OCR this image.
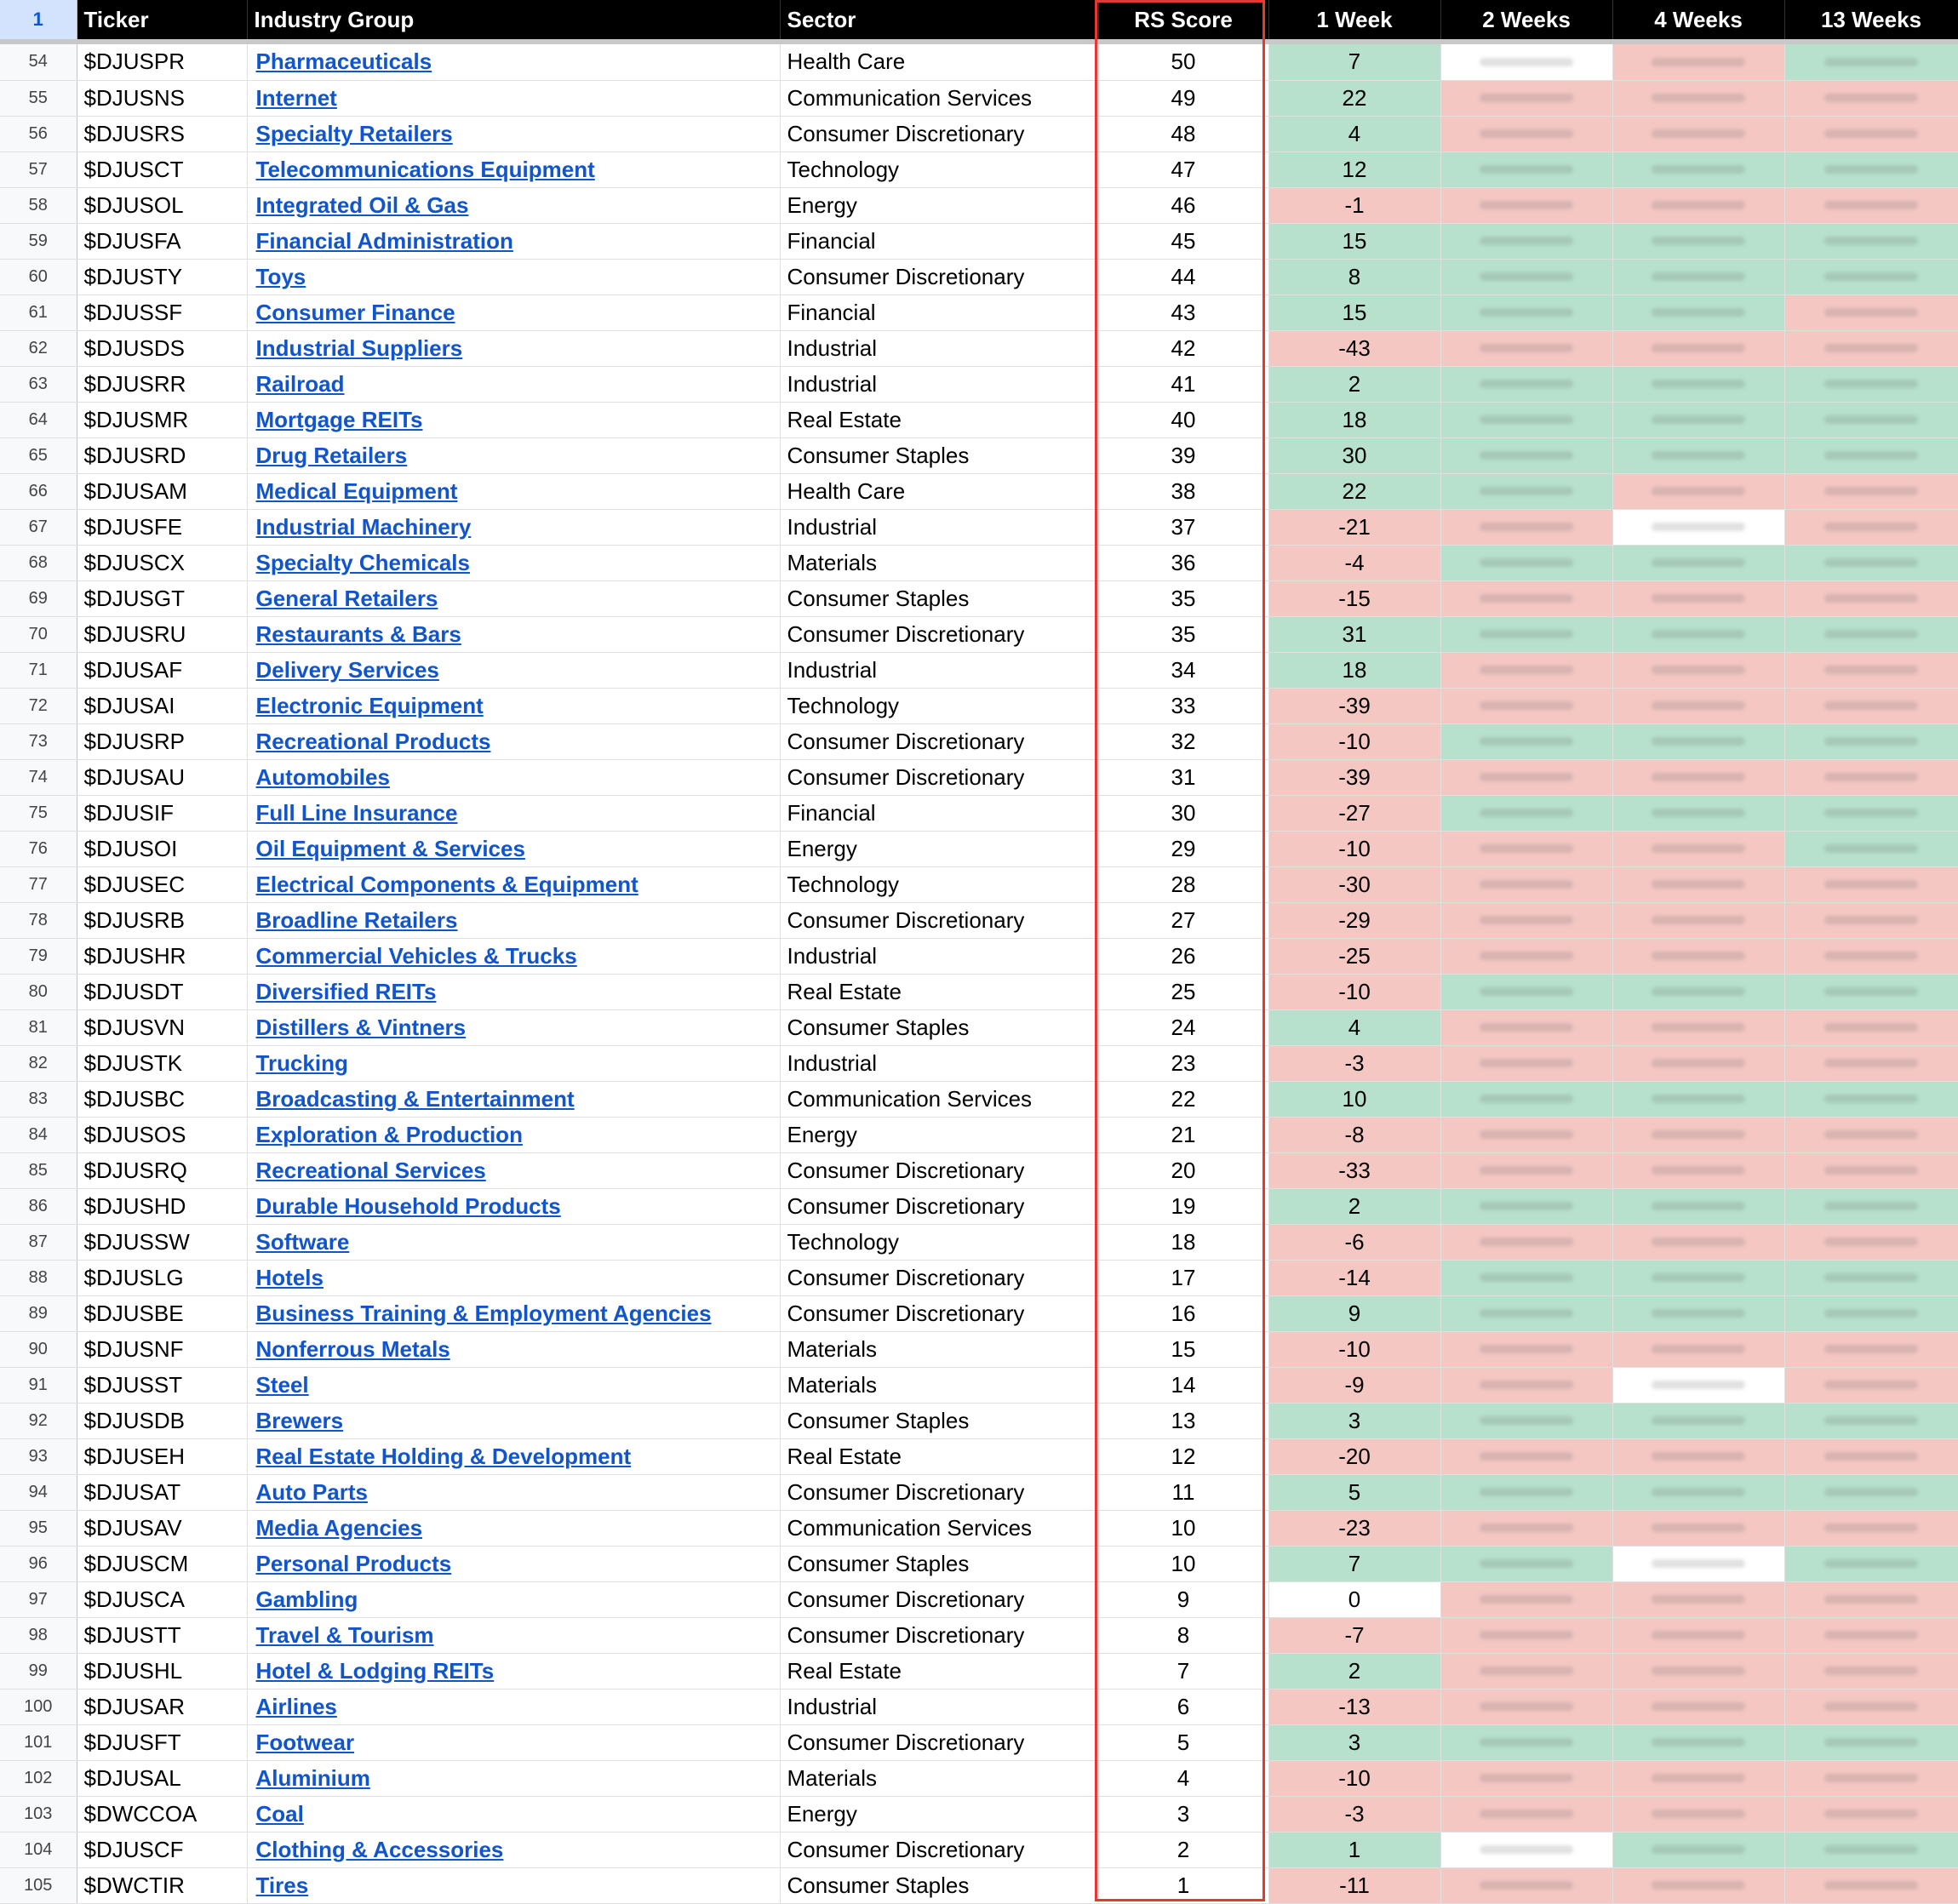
1	Ticker	Industry Group	Sector	RS Score	1 Week	2 Weeks	4 Weeks	13 Weeks

54	$DJUSPR	Pharmaceuticals	Health Care	50	7	

55	$DJUSNS	Internet	Communication Services	49	22	

56	$DJUSRS	Specialty Retailers	Consumer Discretionary	48	4	

57	$DJUSCT	Telecommunications Equipment	Technology	47	12	

58	$DJUSOL	Integrated Oil & Gas	Energy	46	-1	

59	$DJUSFA	Financial Administration	Financial	45	15	

60	$DJUSTY	Toys	Consumer Discretionary	44	8	

61	$DJUSSF	Consumer Finance	Financial	43	15	

62	$DJUSDS	Industrial Suppliers	Industrial	42	-43	

63	$DJUSRR	Railroad	Industrial	41	2	

64	$DJUSMR	Mortgage REITs	Real Estate	40	18	

65	$DJUSRD	Drug Retailers	Consumer Staples	39	30	

66	$DJUSAM	Medical Equipment	Health Care	38	22	

67	$DJUSFE	Industrial Machinery	Industrial	37	-21	

68	$DJUSCX	Specialty Chemicals	Materials	36	-4	

69	$DJUSGT	General Retailers	Consumer Staples	35	-15	

70	$DJUSRU	Restaurants & Bars	Consumer Discretionary	35	31	

71	$DJUSAF	Delivery Services	Industrial	34	18	

72	$DJUSAI	Electronic Equipment	Technology	33	-39	

73	$DJUSRP	Recreational Products	Consumer Discretionary	32	-10	

74	$DJUSAU	Automobiles	Consumer Discretionary	31	-39	

75	$DJUSIF	Full Line Insurance	Financial	30	-27	

76	$DJUSOI	Oil Equipment & Services	Energy	29	-10	

77	$DJUSEC	Electrical Components & Equipment	Technology	28	-30	

78	$DJUSRB	Broadline Retailers	Consumer Discretionary	27	-29	

79	$DJUSHR	Commercial Vehicles & Trucks	Industrial	26	-25	

80	$DJUSDT	Diversified REITs	Real Estate	25	-10	

81	$DJUSVN	Distillers & Vintners	Consumer Staples	24	4	

82	$DJUSTK	Trucking	Industrial	23	-3	

83	$DJUSBC	Broadcasting & Entertainment	Communication Services	22	10	

84	$DJUSOS	Exploration & Production	Energy	21	-8	

85	$DJUSRQ	Recreational Services	Consumer Discretionary	20	-33	

86	$DJUSHD	Durable Household Products	Consumer Discretionary	19	2	

87	$DJUSSW	Software	Technology	18	-6	

88	$DJUSLG	Hotels	Consumer Discretionary	17	-14	

89	$DJUSBE	Business Training & Employment Agencies	Consumer Discretionary	16	9	

90	$DJUSNF	Nonferrous Metals	Materials	15	-10	

91	$DJUSST	Steel	Materials	14	-9	

92	$DJUSDB	Brewers	Consumer Staples	13	3	

93	$DJUSEH	Real Estate Holding & Development	Real Estate	12	-20	

94	$DJUSAT	Auto Parts	Consumer Discretionary	11	5	

95	$DJUSAV	Media Agencies	Communication Services	10	-23	

96	$DJUSCM	Personal Products	Consumer Staples	10	7	

97	$DJUSCA	Gambling	Consumer Discretionary	9	0	

98	$DJUSTT	Travel & Tourism	Consumer Discretionary	8	-7	

99	$DJUSHL	Hotel & Lodging REITs	Real Estate	7	2	

100	$DJUSAR	Airlines	Industrial	6	-13	

101	$DJUSFT	Footwear	Consumer Discretionary	5	3	

102	$DJUSAL	Aluminium	Materials	4	-10	

103	$DWCCOA	Coal	Energy	3	-3	

104	$DJUSCF	Clothing & Accessories	Consumer Discretionary	2	1	

105	$DWCTIR	Tires	Consumer Staples	1	-11	
